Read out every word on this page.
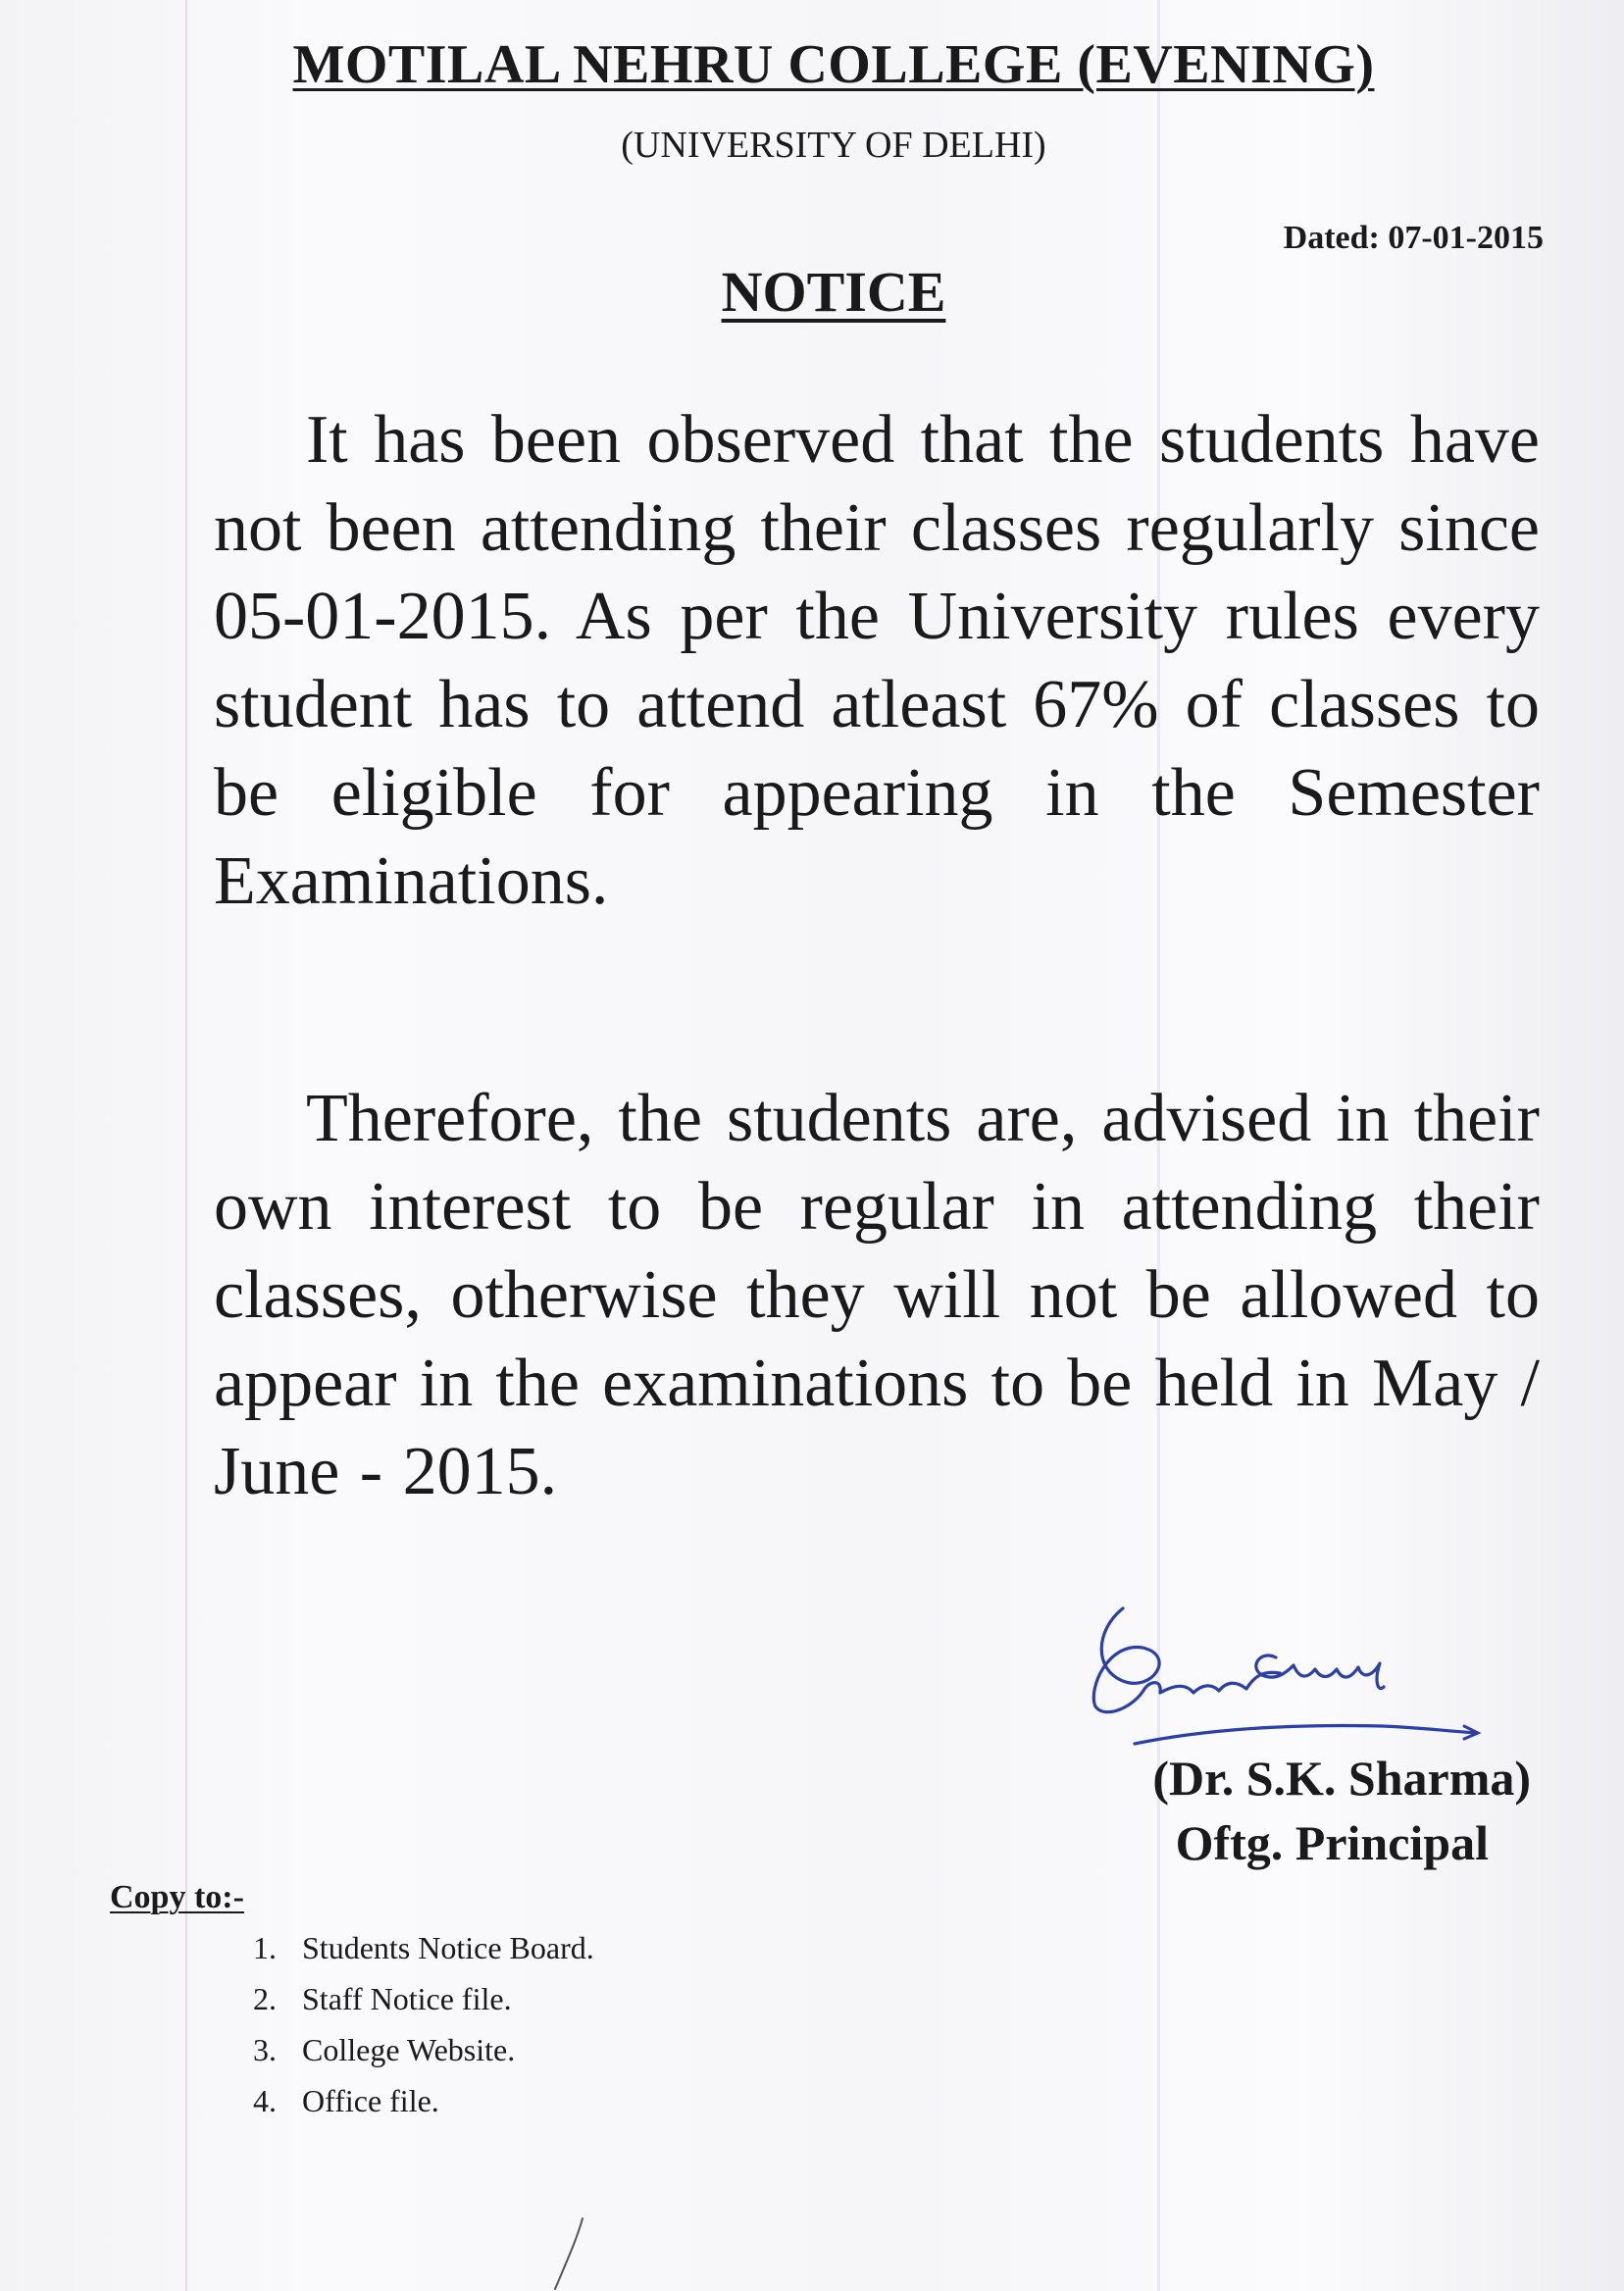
MOTILAL NEHRU COLLEGE (EVENING)
(UNIVERSITY OF DELHI)
Dated: 07-01-2015
NOTICE

It has been observed that the students have not been attending their classes regularly since 05-01-2015. As per the University rules every student has to attend atleast 67% of classes to be eligible for appearing in the Semester Examinations.

Therefore, the students are, advised in their own interest to be regular in attending their classes, otherwise they will not be allowed to appear in the examinations to be held in May / June - 2015.

(Dr. S.K. Sharma)
Oftg. Principal
Copy to:-
1. Students Notice Board.
2. Staff Notice file.
3. College Website.
4. Office file.
